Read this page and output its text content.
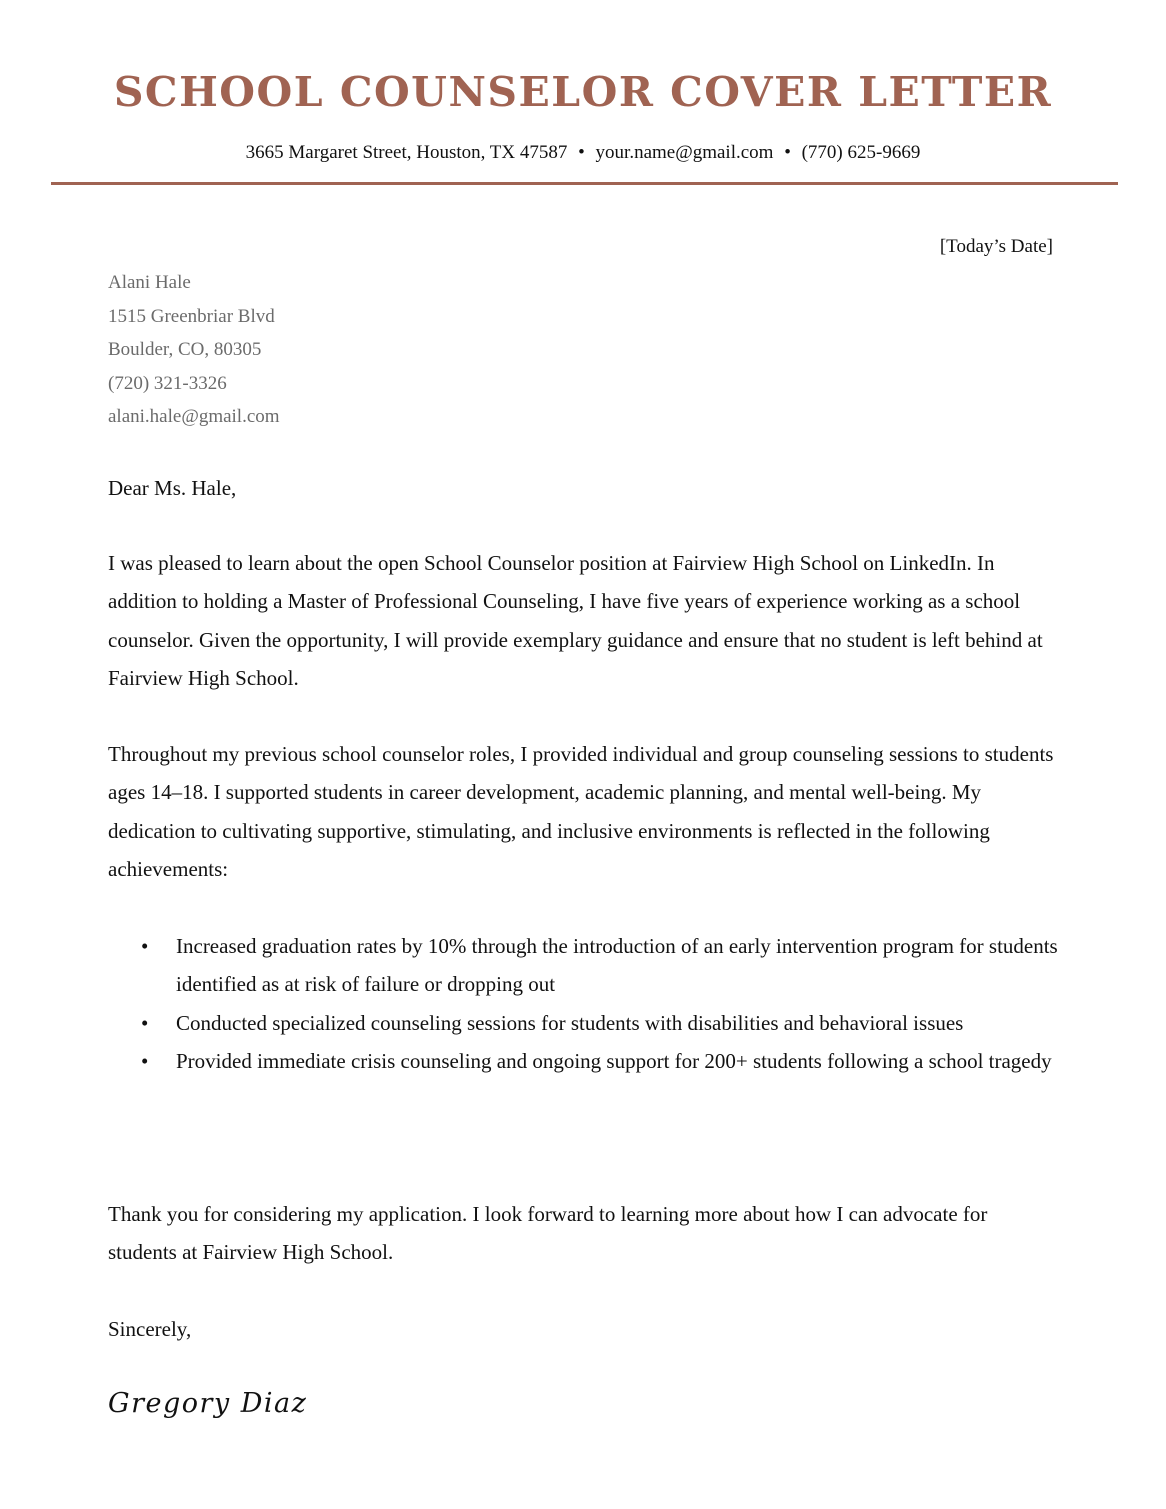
SCHOOL COUNSELOR COVER LETTER
3665 Margaret Street, Houston, TX 47587 • your.name@gmail.com • (770) 625-9669
[Today’s Date]
Alani Hale
1515 Greenbriar Blvd
Boulder, CO, 80305
(720) 321-3326
alani.hale@gmail.com

Dear Ms. Hale,

I was pleased to learn about the open School Counselor position at Fairview High School on LinkedIn. In addition to holding a Master of Professional Counseling, I have five years of experience working as a school counselor. Given the opportunity, I will provide exemplary guidance and ensure that no student is left behind at Fairview High School.

Throughout my previous school counselor roles, I provided individual and group counseling sessions to students ages 14–18. I supported students in career development, academic planning, and mental well-being. My dedication to cultivating supportive, stimulating, and inclusive environments is reflected in the following achievements:

• Increased graduation rates by 10% through the introduction of an early intervention program for students identified as at risk of failure or dropping out
• Conducted specialized counseling sessions for students with disabilities and behavioral issues
• Provided immediate crisis counseling and ongoing support for 200+ students following a school tragedy

Thank you for considering my application. I look forward to learning more about how I can advocate for students at Fairview High School.

Sincerely,

Gregory Diaz
